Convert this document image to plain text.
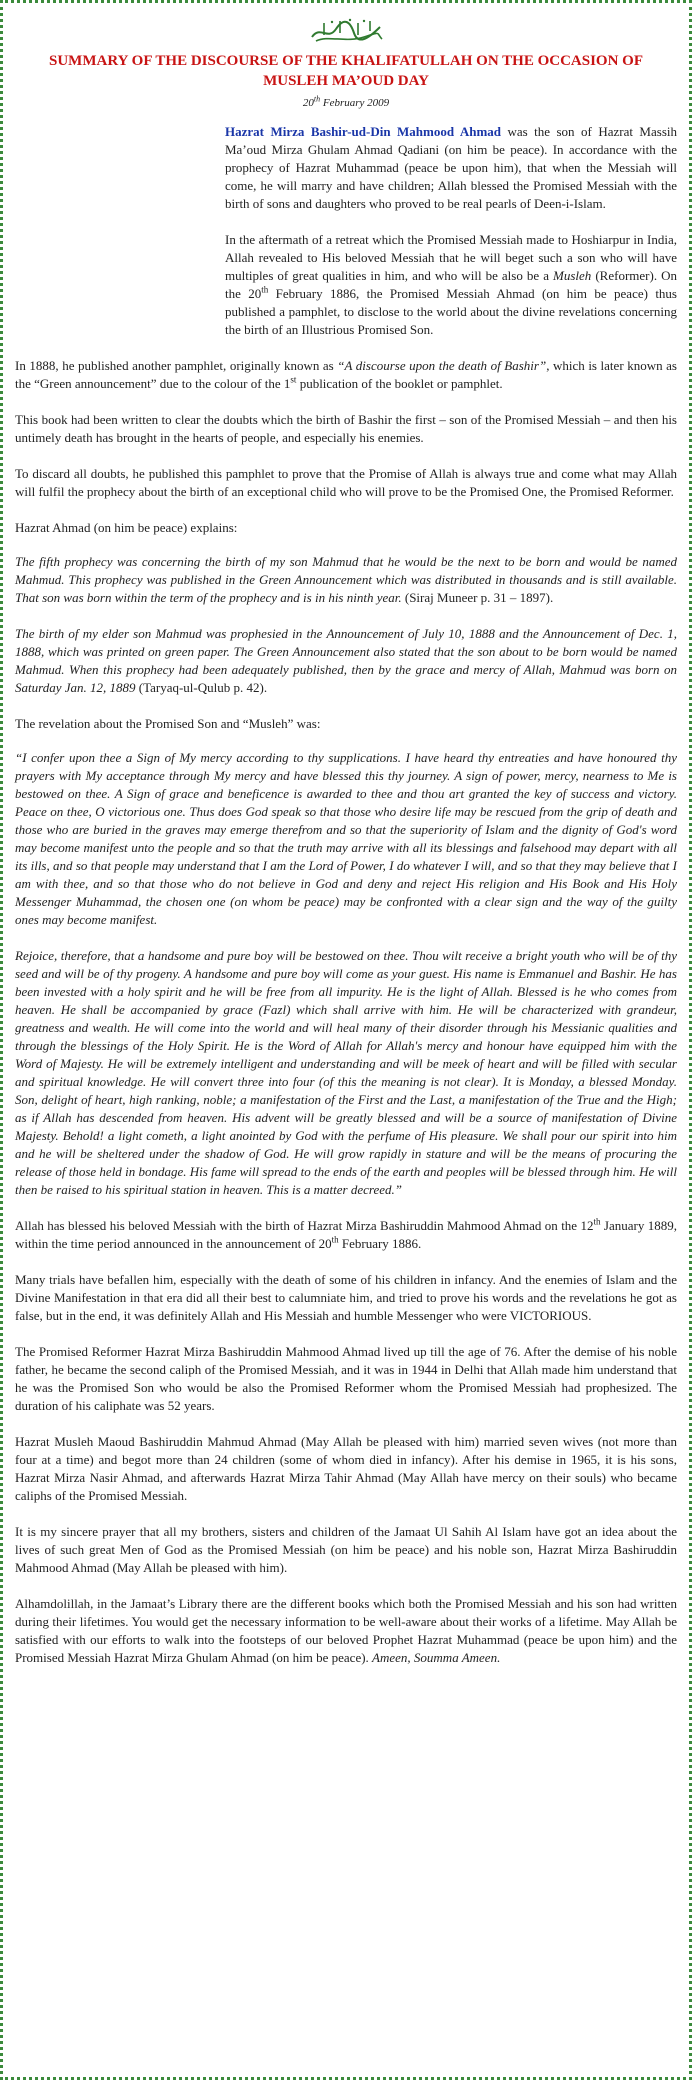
SUMMARY OF THE DISCOURSE OF THE KHALIFATULLAH ON THE OCCASION OF MUSLEH MA’OUD DAY
20th February 2009

Hazrat Mirza Bashir-ud-Din Mahmood Ahmad was the son of Hazrat Massih Ma’oud Mirza Ghulam Ahmad Qadiani (on him be peace). In accordance with the prophecy of Hazrat Muhammad (peace be upon him), that when the Messiah will come, he will marry and have children; Allah blessed the Promised Messiah with the birth of sons and daughters who proved to be real pearls of Deen-i-Islam.

In the aftermath of a retreat which the Promised Messiah made to Hoshiarpur in India, Allah revealed to His beloved Messiah that he will beget such a son who will have multiples of great qualities in him, and who will be also be a Musleh (Reformer). On the 20th February 1886, the Promised Messiah Ahmad (on him be peace) thus published a pamphlet, to disclose to the world about the divine revelations concerning the birth of an Illustrious Promised Son.

In 1888, he published another pamphlet, originally known as “A discourse upon the death of Bashir”, which is later known as the “Green announcement” due to the colour of the 1st publication of the booklet or pamphlet.

This book had been written to clear the doubts which the birth of Bashir the first – son of the Promised Messiah – and then his untimely death has brought in the hearts of people, and especially his enemies.

To discard all doubts, he published this pamphlet to prove that the Promise of Allah is always true and come what may Allah will fulfil the prophecy about the birth of an exceptional child who will prove to be the Promised One, the Promised Reformer.

Hazrat Ahmad (on him be peace) explains:

The fifth prophecy was concerning the birth of my son Mahmud that he would be the next to be born and would be named Mahmud. This prophecy was published in the Green Announcement which was distributed in thousands and is still available. That son was born within the term of the prophecy and is in his ninth year. (Siraj Muneer p. 31 – 1897).

The birth of my elder son Mahmud was prophesied in the Announcement of July 10, 1888 and the Announcement of Dec. 1, 1888, which was printed on green paper. The Green Announcement also stated that the son about to be born would be named Mahmud. When this prophecy had been adequately published, then by the grace and mercy of Allah, Mahmud was born on Saturday Jan. 12, 1889 (Taryaq-ul-Qulub p. 42).

The revelation about the Promised Son and “Musleh” was:

“I confer upon thee a Sign of My mercy according to thy supplications. I have heard thy entreaties and have honoured thy prayers with My acceptance through My mercy and have blessed this thy journey. A sign of power, mercy, nearness to Me is bestowed on thee. A Sign of grace and beneficence is awarded to thee and thou art granted the key of success and victory. Peace on thee, O victorious one. Thus does God speak so that those who desire life may be rescued from the grip of death and those who are buried in the graves may emerge therefrom and so that the superiority of Islam and the dignity of God's word may become manifest unto the people and so that the truth may arrive with all its blessings and falsehood may depart with all its ills, and so that people may understand that I am the Lord of Power, I do whatever I will, and so that they may believe that I am with thee, and so that those who do not believe in God and deny and reject His religion and His Book and His Holy Messenger Muhammad, the chosen one (on whom be peace) may be confronted with a clear sign and the way of the guilty ones may become manifest.

Rejoice, therefore, that a handsome and pure boy will be bestowed on thee. Thou wilt receive a bright youth who will be of thy seed and will be of thy progeny. A handsome and pure boy will come as your guest. His name is Emmanuel and Bashir. He has been invested with a holy spirit and he will be free from all impurity. He is the light of Allah. Blessed is he who comes from heaven. He shall be accompanied by grace (Fazl) which shall arrive with him. He will be characterized with grandeur, greatness and wealth. He will come into the world and will heal many of their disorder through his Messianic qualities and through the blessings of the Holy Spirit. He is the Word of Allah for Allah's mercy and honour have equipped him with the Word of Majesty. He will be extremely intelligent and understanding and will be meek of heart and will be filled with secular and spiritual knowledge. He will convert three into four (of this the meaning is not clear). It is Monday, a blessed Monday. Son, delight of heart, high ranking, noble; a manifestation of the First and the Last, a manifestation of the True and the High; as if Allah has descended from heaven. His advent will be greatly blessed and will be a source of manifestation of Divine Majesty. Behold! a light cometh, a light anointed by God with the perfume of His pleasure. We shall pour our spirit into him and he will be sheltered under the shadow of God. He will grow rapidly in stature and will be the means of procuring the release of those held in bondage. His fame will spread to the ends of the earth and peoples will be blessed through him. He will then be raised to his spiritual station in heaven. This is a matter decreed.”

Allah has blessed his beloved Messiah with the birth of Hazrat Mirza Bashiruddin Mahmood Ahmad on the 12th January 1889, within the time period announced in the announcement of 20th February 1886.

Many trials have befallen him, especially with the death of some of his children in infancy. And the enemies of Islam and the Divine Manifestation in that era did all their best to calumniate him, and tried to prove his words and the revelations he got as false, but in the end, it was definitely Allah and His Messiah and humble Messenger who were VICTORIOUS.

The Promised Reformer Hazrat Mirza Bashiruddin Mahmood Ahmad lived up till the age of 76. After the demise of his noble father, he became the second caliph of the Promised Messiah, and it was in 1944 in Delhi that Allah made him understand that he was the Promised Son who would be also the Promised Reformer whom the Promised Messiah had prophesized. The duration of his caliphate was 52 years.

Hazrat Musleh Maoud Bashiruddin Mahmud Ahmad (May Allah be pleased with him) married seven wives (not more than four at a time) and begot more than 24 children (some of whom died in infancy). After his demise in 1965, it is his sons, Hazrat Mirza Nasir Ahmad, and afterwards Hazrat Mirza Tahir Ahmad (May Allah have mercy on their souls) who became caliphs of the Promised Messiah.

It is my sincere prayer that all my brothers, sisters and children of the Jamaat Ul Sahih Al Islam have got an idea about the lives of such great Men of God as the Promised Messiah (on him be peace) and his noble son, Hazrat Mirza Bashiruddin Mahmood Ahmad (May Allah be pleased with him).

Alhamdolillah, in the Jamaat’s Library there are the different books which both the Promised Messiah and his son had written during their lifetimes. You would get the necessary information to be well-aware about their works of a lifetime. May Allah be satisfied with our efforts to walk into the footsteps of our beloved Prophet Hazrat Muhammad (peace be upon him) and the Promised Messiah Hazrat Mirza Ghulam Ahmad (on him be peace). Ameen, Soumma Ameen.
